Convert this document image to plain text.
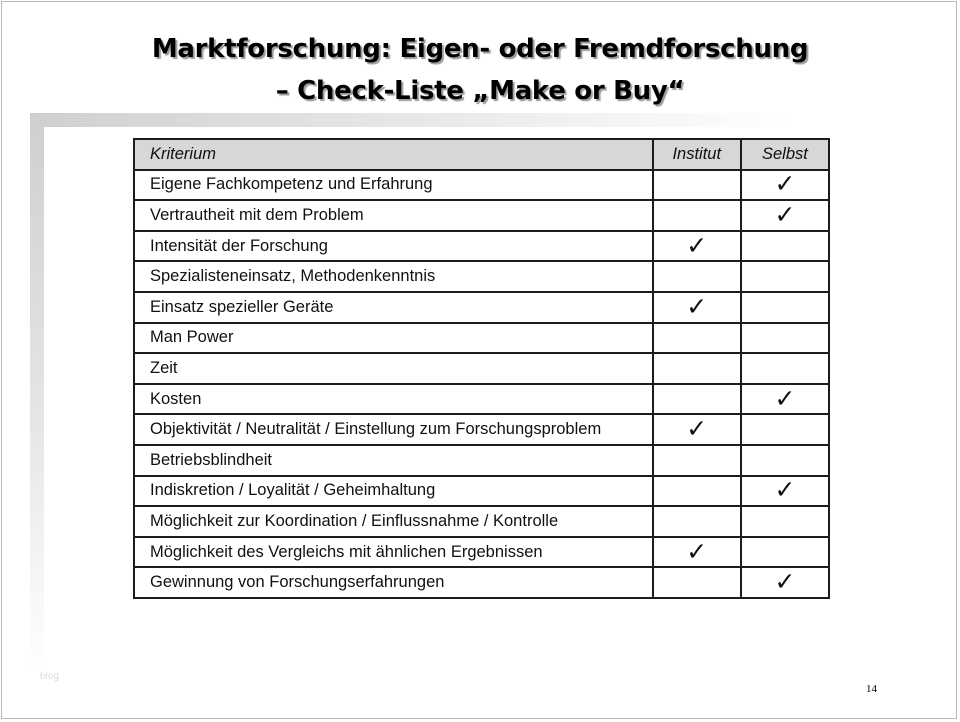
Marktforschung: Eigen- oder Fremdforschung
– Check-Liste „Make or Buy“
Kriterium	Institut	Selbst
Eigene Fachkompetenz und Erfahrung		✓
Vertrautheit mit dem Problem		✓
Intensität der Forschung	✓	
Spezialisteneinsatz, Methodenkenntnis		
Einsatz spezieller Geräte	✓	
Man Power		
Zeit		
Kosten		✓
Objektivität / Neutralität / Einstellung zum Forschungsproblem	✓	
Betriebsblindheit		
Indiskretion / Loyalität / Geheimhaltung		✓
Möglichkeit zur Koordination / Einflussnahme / Kontrolle		
Möglichkeit des Vergleichs mit ähnlichen Ergebnissen	✓	
Gewinnung von Forschungserfahrungen		✓
blog
14
